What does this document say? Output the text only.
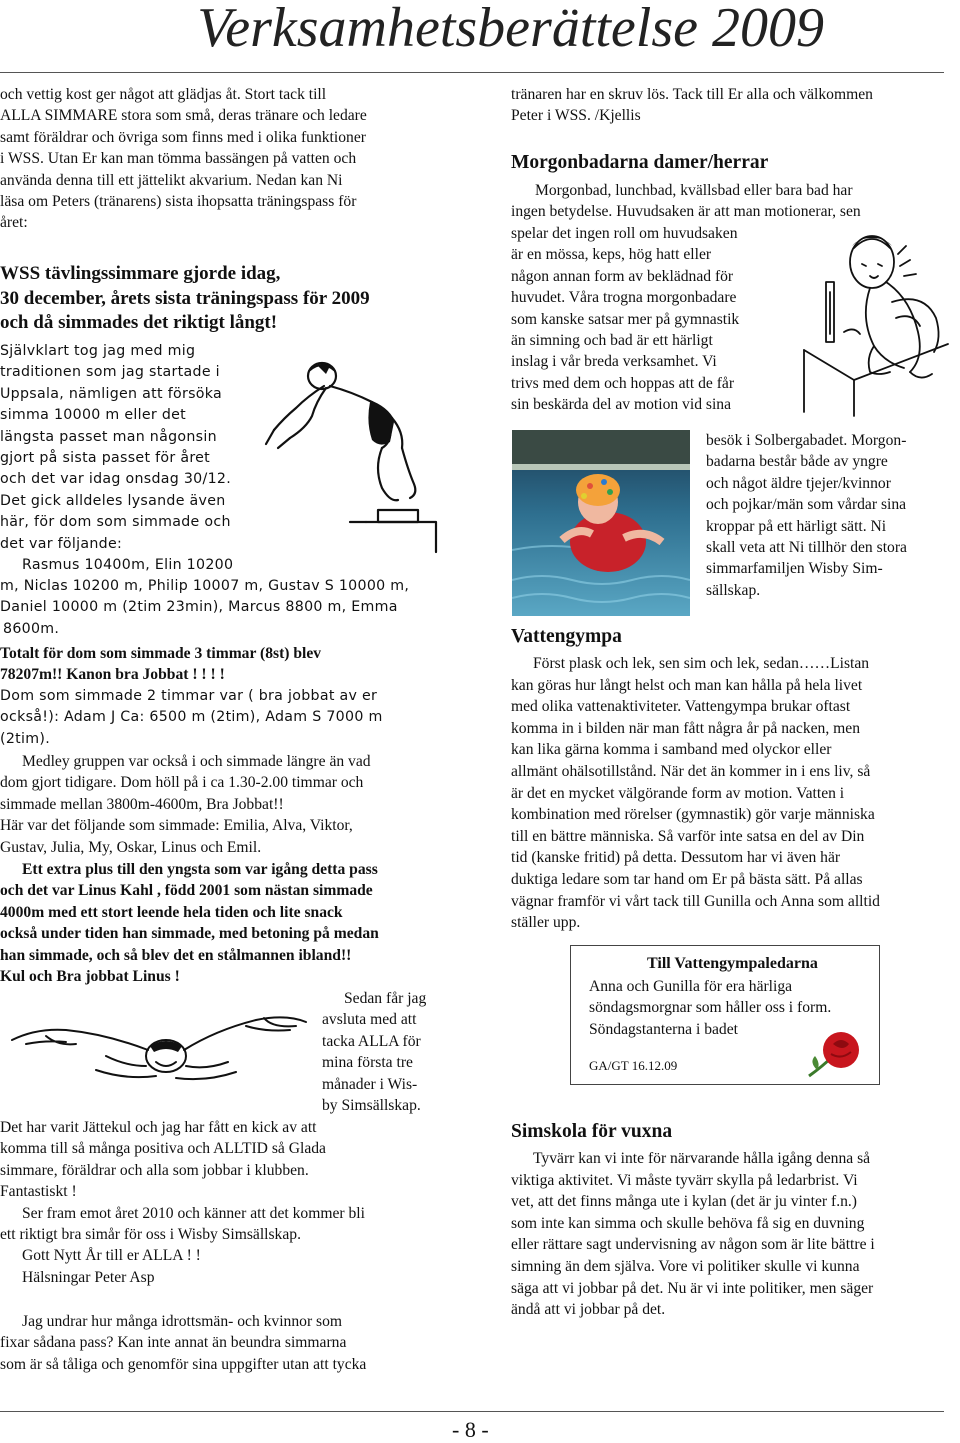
Verksamhetsberättelse 2009

och vettig kost ger något att glädjas åt. Stort tack till

ALLA SIMMARE stora som små, deras tränare och ledare

samt föräldrar och övriga som finns med i olika funktioner

i WSS. Utan Er kan man tömma bassängen på vatten och

använda denna till ett jättelikt akvarium. Nedan kan Ni

läsa om Peters (tränarens) sista ihopsatta träningspass för

året:

WSS tävlingssimmare gjorde idag,

30 december, årets sista träningspass för 2009

och då simmades det riktigt långt!

Självklart tog jag med mig

traditionen som jag startade i

Uppsala, nämligen att försöka

simma 10000 m eller det

längsta passet man någonsin

gjort på sista passet för året

och det var idag onsdag 30/12.

Det gick alldeles lysande även

här, för dom som simmade och

det var följande:

Rasmus 10400m, Elin 10200

m, Niclas 10200 m, Philip 10007 m, Gustav S 10000 m,

Daniel 10000 m (2tim 23min), Marcus 8800 m, Emma

8600m.

Totalt för dom som simmade 3 timmar (8st) blev

78207m!! Kanon bra Jobbat ! ! ! !

Dom som simmade 2 timmar var ( bra jobbat av er

också!): Adam J Ca: 6500 m (2tim), Adam S 7000 m

(2tim).

Medley gruppen var också i och simmade längre än vad

dom gjort tidigare. Dom höll på i ca 1.30-2.00 timmar och

simmade mellan 3800m-4600m, Bra Jobbat!!

Här var det följande som simmade: Emilia, Alva, Viktor,

Gustav, Julia, My, Oskar, Linus och Emil.

Ett extra plus till den yngsta som var igång detta pass

och det var Linus Kahl , född 2001 som nästan simmade

4000m med ett stort leende hela tiden och lite snack

också under tiden han simmade, med betoning på medan

han simmade, och så blev det en stålmannen ibland!!

Kul och Bra jobbat Linus !

Sedan får jag

avsluta med att

tacka ALLA för

mina första tre

månader i Wis-

by Simsällskap.

Det har varit Jättekul och jag har fått en kick av att

komma till så många positiva och ALLTID så Glada

simmare, föräldrar och alla som jobbar i klubben.

Fantastiskt !

Ser fram emot året 2010 och känner att det kommer bli

ett riktigt bra simår för oss i Wisby Simsällskap.

Gott Nytt År till er ALLA ! !

Hälsningar Peter Asp

Jag undrar hur många idrottsmän- och kvinnor som

fixar sådana pass? Kan inte annat än beundra simmarna

som är så tåliga och genomför sina uppgifter utan att tycka

tränaren har en skruv lös. Tack till Er alla och välkommen

Peter i WSS. /Kjellis

Morgonbadarna damer/herrar

Morgonbad, lunchbad, kvällsbad eller bara bad har

ingen betydelse. Huvudsaken är att man motionerar, sen

spelar det ingen roll om huvudsaken

är en mössa, keps, hög hatt eller

någon annan form av beklädnad för

huvudet. Våra trogna morgonbadare

som kanske satsar mer på gymnastik

än simning och bad är ett härligt

inslag i vår breda verksamhet. Vi

trivs med dem och hoppas att de får

sin beskärda del av motion vid sina

besök i Solbergabadet. Morgon-

badarna består både av yngre

och något äldre tjejer/kvinnor

och pojkar/män som vårdar sina

kroppar på ett härligt sätt. Ni

skall veta att Ni tillhör den stora

simmarfamiljen Wisby Sim-

sällskap.

Vattengympa

Först plask och lek, sen sim och lek, sedan……Listan

kan göras hur långt helst och man kan hålla på hela livet

med olika vattenaktiviteter. Vattengympa brukar oftast

komma in i bilden när man fått några år på nacken, men

kan lika gärna komma i samband med olyckor eller

allmänt ohälsotillstånd. När det än kommer in i ens liv, så

är det en mycket välgörande form av motion. Vatten i

kombination med rörelser (gymnastik) gör varje människa

till en bättre människa. Så varför inte satsa en del av Din

tid (kanske fritid) på detta. Dessutom har vi även här

duktiga ledare som tar hand om Er på bästa sätt. På allas

vägnar framför vi vårt tack till Gunilla och Anna som alltid

ställer upp.

Till Vattengympaledarna

Anna och Gunilla för era härliga

söndagsmorgnar som håller oss i form.

Söndagstanterna i badet

GA/GT 16.12.09
Simskola för vuxna

Tyvärr kan vi inte för närvarande hålla igång denna så

viktiga aktivitet. Vi måste tyvärr skylla på ledarbrist. Vi

vet, att det finns många ute i kylan (det är ju vinter f.n.)

som inte kan simma och skulle behöva få sig en duvning

eller rättare sagt undervisning av någon som är lite bättre i

simning än dem själva. Vore vi politiker skulle vi kunna

säga att vi jobbar på det. Nu är vi inte politiker, men säger

ändå att vi jobbar på det.

- 8 -
